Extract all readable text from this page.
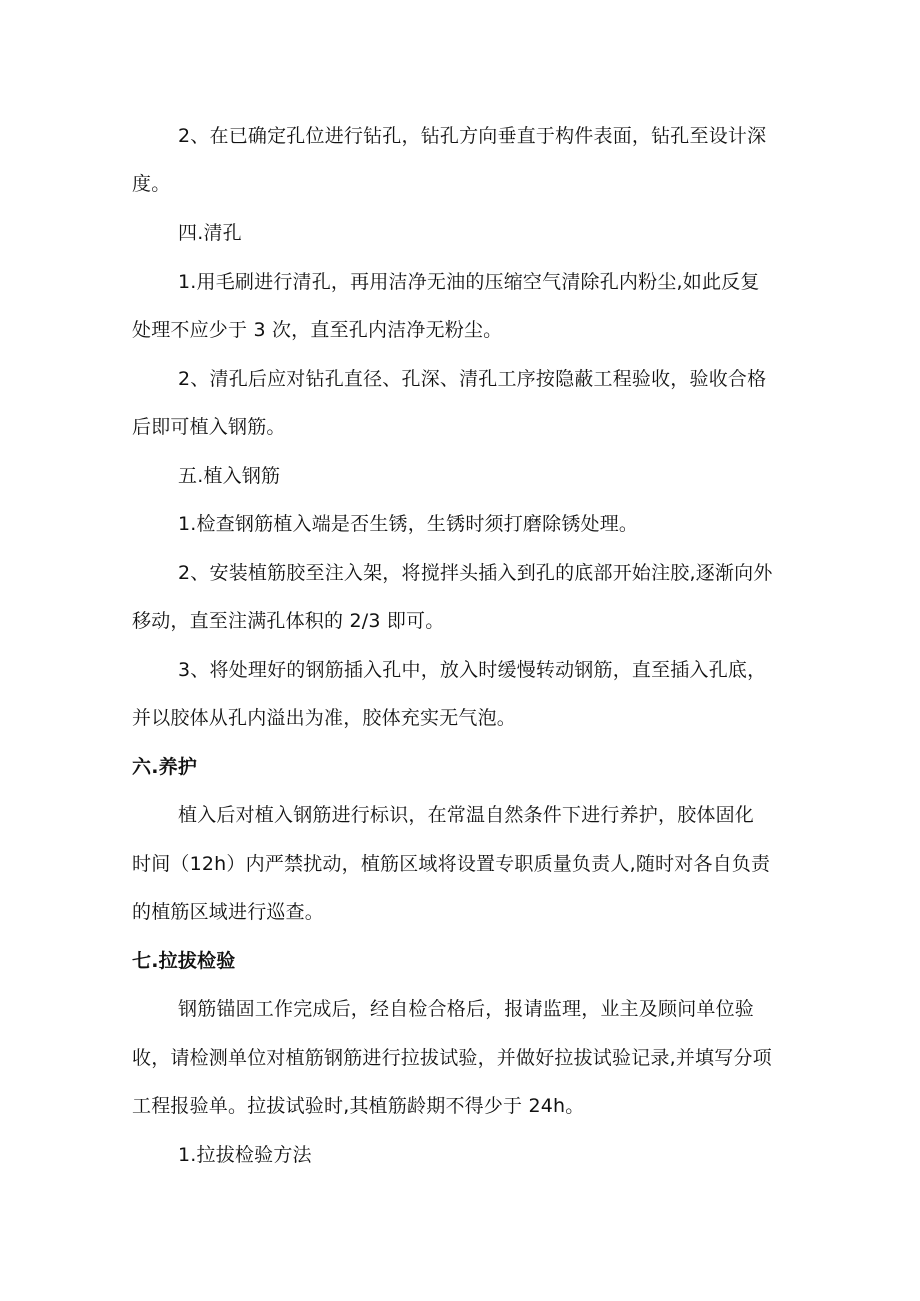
2、在已确定孔位进行钻孔，钻孔方向垂直于构件表面，钻孔至设计深
度。
四.清孔
1.用毛刷进行清孔，再用洁净无油的压缩空气清除孔内粉尘,如此反复
处理不应少于 3 次，直至孔内洁净无粉尘。
2、清孔后应对钻孔直径、孔深、清孔工序按隐蔽工程验收，验收合格
后即可植入钢筋。
五.植入钢筋
1.检查钢筋植入端是否生锈，生锈时须打磨除锈处理。
2、安装植筋胶至注入架，将搅拌头插入到孔的底部开始注胶,逐渐向外
移动，直至注满孔体积的 2/3 即可。
3、将处理好的钢筋插入孔中，放入时缓慢转动钢筋，直至插入孔底，
并以胶体从孔内溢出为准，胶体充实无气泡。
六.养护
植入后对植入钢筋进行标识，在常温自然条件下进行养护，胶体固化
时间（12h）内严禁扰动，植筋区域将设置专职质量负责人,随时对各自负责
的植筋区域进行巡查。
七.拉拔检验
钢筋锚固工作完成后，经自检合格后，报请监理，业主及顾问单位验
收，请检测单位对植筋钢筋进行拉拔试验，并做好拉拔试验记录,并填写分项
工程报验单。拉拔试验时,其植筋龄期不得少于 24h。
1.拉拔检验方法
